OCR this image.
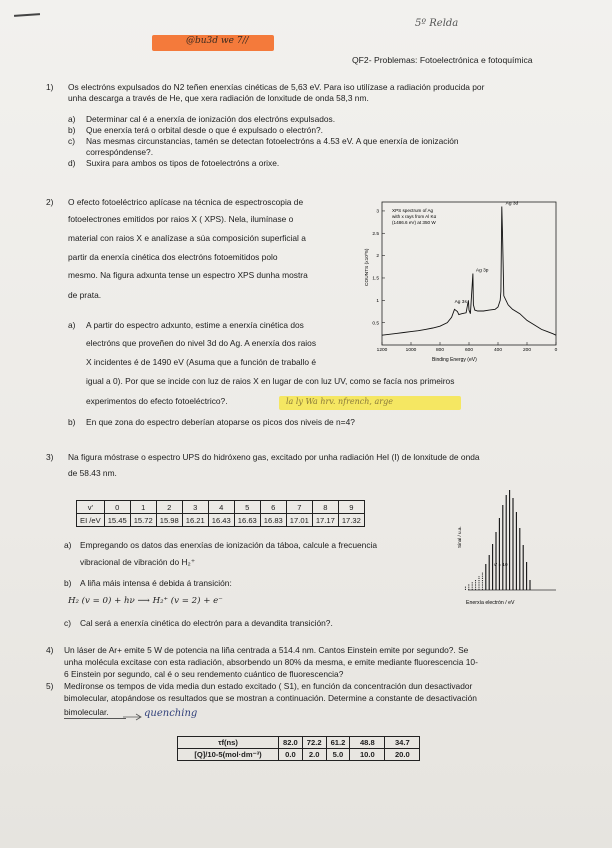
5º Relda
@bu3d we 7//
QF2- Problemas: Fotoelectrónica e fotoquímica
1) Os electróns expulsados do N2 teñen enerxías cinéticas de 5,63 eV. Para iso utilízase a radiación producida por
unha descarga a través de He, que xera radiación de lonxitude de onda 58,3 nm.
a) Determinar cal é a enerxía de ionización dos electróns expulsados.
b) Que enerxía terá o orbital desde o que é expulsado o electrón?.
c) Nas mesmas circunstancias, tamén se detectan fotoelectróns a 4.53 eV. A que enerxía de ionización
correspóndense?.
d) Suxira para ambos os tipos de fotoelectróns a orixe.
2) O efecto fotoeléctrico aplícase na técnica de espectroscopia de
fotoelectrones emitidos por raios X ( XPS). Nela, ilumínase o
material con raios X e analízase a súa composición superficial a
partir da enerxía cinética dos electróns fotoemitidos polo
mesmo. Na figura adxunta tense un espectro XPS dunha mostra
de prata.
a) A partir do espectro adxunto, estime a enerxía cinética dos
electróns que proveñen do nivel 3d do Ag. A enerxía dos raios
X incidentes é de 1490 eV (Asuma que a función de traballo é
igual a 0). Por que se incide con luz de raios X en lugar de con luz UV, como se facía nos primeiros
experimentos do efecto fotoeléctrico?.	la ly Wa hrv. nfrench, arge
b) En que zona do espectro deberían atoparse os picos dos niveis de n=4?
XPS spectrum of Ag
with x rays from Al Kα
(1486.6 eV) at 350 W
COUNTS (x10^5)
Binding Energy (eV)
0.5
1
1.5
2
2.5
3
1200	1000	800	600	400	200	0
Ag 3d
Ag 3p
Ag 3s
3) Na figura móstrase o espectro UPS do hidróxeno gas, excitado por unha radiación HeI (I) de lonxitude de onda
de 58.43 nm.
v'	0	1	2	3	4	5	6	7	8	9
EI /eV	15.45	15.72	15.98	16.21	16.43	16.63	16.83	17.01	17.17	17.32
a) Empregando os datos das enerxías de ionización da táboa, calcule a frecuencia
vibracional de vibración do H₂⁺
b) A liña máis intensa é debida á transición:
H₂ (v = 0) + hν ⟶ H₂⁺ (v = 2) + e⁻
c) Cal será a enerxía cinética do electrón para a devandita transición?.
Sinal / u.a.
v' = 10
Enerxía electrón / eV
4) Un láser de Ar+ emite 5 W de potencia na liña centrada a 514.4 nm. Cantos Einstein emite por segundo?. Se
unha molécula excitase con esta radiación, absorbendo un 80% da mesma, e emite mediante fluorescencia 10-
6 Einstein por segundo, cal é o seu rendemento cuántico de fluorescencia?
5) Medíronse os tempos de vida media dun estado excitado ( S1), en función da concentración dun desactivador
bimolecular, atopándose os resultados que se mostran a continuación. Determine a constante de desactivación
bimolecular.	quenching
τf(ns)	82.0	72.2	61.2	48.8	34.7
[Q]/10-5(mol·dm⁻³)	0.0	2.0	5.0	10.0	20.0
